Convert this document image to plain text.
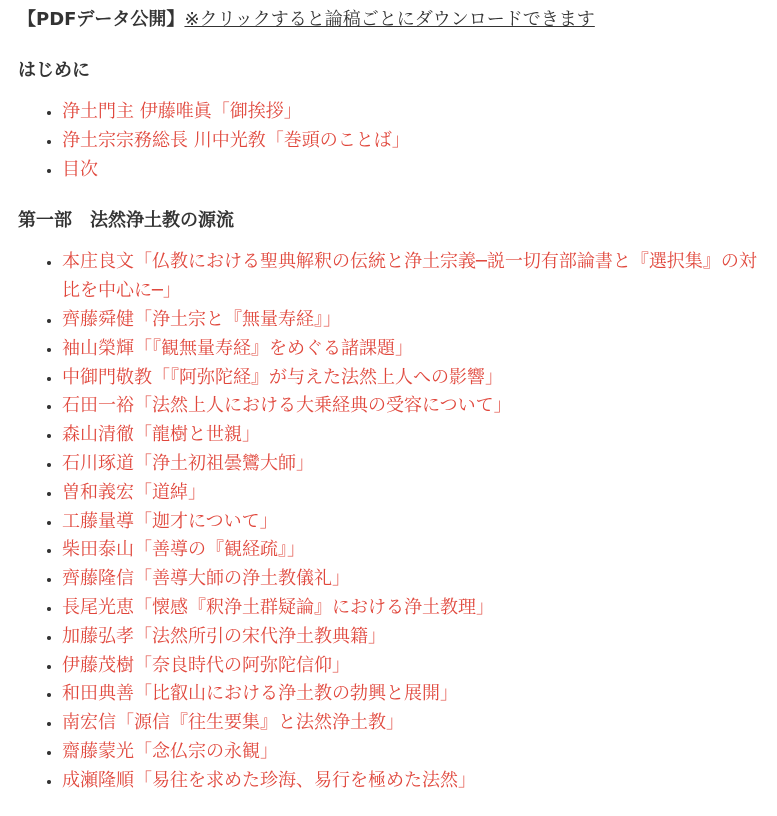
【PDFデータ公開】※クリックすると論稿ごとにダウンロードできます

はじめに
• 浄土門主 伊藤唯眞「御挨拶」
• 浄土宗宗務総長 川中光敎「巻頭のことば」
• 目次
第一部　法然浄土教の源流
• 本庄良文「仏教における聖典解釈の伝統と浄土宗義─説一切有部論書と『選択集』の対比を中心に─」
• 齊藤舜健「浄土宗と『無量寿経』」
• 袖山榮輝「『観無量寿経』をめぐる諸課題」
• 中御門敬教「『阿弥陀経』が与えた法然上人への影響」
• 石田一裕「法然上人における大乗経典の受容について」
• 森山清徹「龍樹と世親」
• 石川琢道「浄土初祖曇鸞大師」
• 曽和義宏「道綽」
• 工藤量導「迦才について」
• 柴田泰山「善導の『観経疏』」
• 齊藤隆信「善導大師の浄土教儀礼」
• 長尾光恵「懐感『釈浄土群疑論』における浄土教理」
• 加藤弘孝「法然所引の宋代浄土教典籍」
• 伊藤茂樹「奈良時代の阿弥陀信仰」
• 和田典善「比叡山における浄土教の勃興と展開」
• 南宏信「源信『往生要集』と法然浄土教」
• 齋藤蒙光「念仏宗の永観」
• 成瀬隆順「易往を求めた珍海、易行を極めた法然」
